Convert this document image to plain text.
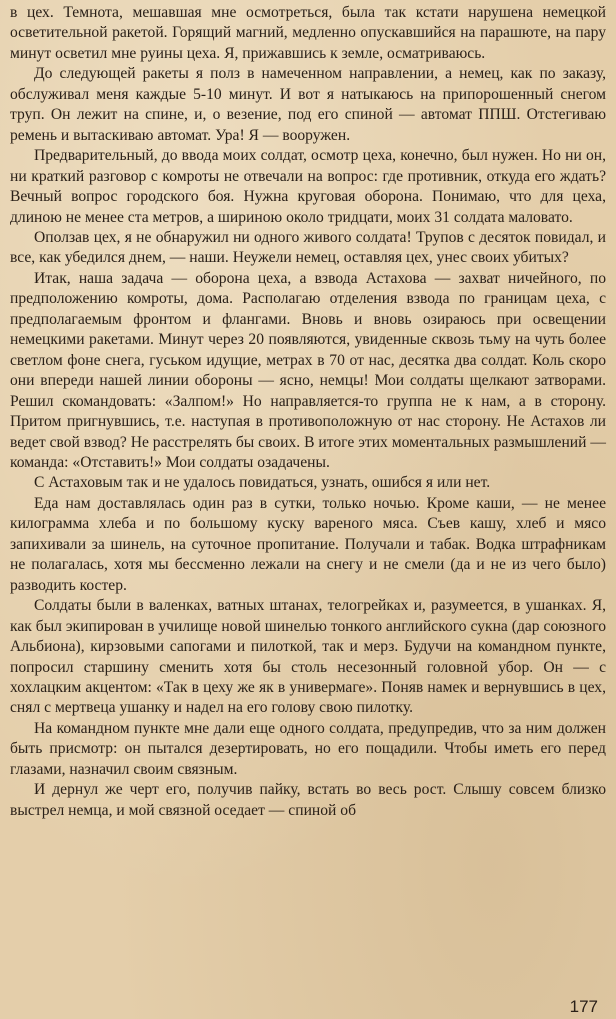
в цех. Темнота, мешавшая мне осмотреться, была так кстати нарушена немецкой осветительной ракетой. Горящий магний, медленно опускавшийся на парашюте, на пару минут осветил мне руины цеха. Я, прижавшись к земле, осматриваюсь.

До следующей ракеты я полз в намеченном направлении, а немец, как по заказу, обслуживал меня каждые 5-10 минут. И вот я натыкаюсь на припорошенный снегом труп. Он лежит на спине, и, о везение, под его спиной — автомат ППШ. Отстегиваю ремень и вытаскиваю автомат. Ура! Я — вооружен.

Предварительный, до ввода моих солдат, осмотр цеха, конечно, был нужен. Но ни он, ни краткий разговор с комроты не отвечали на вопрос: где противник, откуда его ждать? Вечный вопрос городского боя. Нужна круговая оборона. Понимаю, что для цеха, длиною не менее ста метров, а шириною около тридцати, моих 31 солдата маловато.

Оползав цех, я не обнаружил ни одного живого солдата! Трупов с десяток повидал, и все, как убедился днем, — наши. Неужели немец, оставляя цех, унес своих убитых?

Итак, наша задача — оборона цеха, а взвода Астахова — захват ничейного, по предположению комроты, дома. Располагаю отделения взвода по границам цеха, с предполагаемым фронтом и флангами. Вновь и вновь озираюсь при освещении немецкими ракетами. Минут через 20 появляются, увиденные сквозь тьму на чуть более светлом фоне снега, гуськом идущие, метрах в 70 от нас, десятка два солдат. Коль скоро они впереди нашей линии обороны — ясно, немцы! Мои солдаты щелкают затворами. Решил скомандовать: «Залпом!» Но направляется-то группа не к нам, а в сторону. Притом пригнувшись, т.е. наступая в противоположную от нас сторону. Не Астахов ли ведет свой взвод? Не расстрелять бы своих. В итоге этих моментальных размышлений — команда: «Отставить!» Мои солдаты озадачены.

С Астаховым так и не удалось повидаться, узнать, ошибся я или нет.

Еда нам доставлялась один раз в сутки, только ночью. Кроме каши, — не менее килограмма хлеба и по большому куску вареного мяса. Съев кашу, хлеб и мясо запихивали за шинель, на суточное пропитание. Получали и табак. Водка штрафникам не полагалась, хотя мы бессменно лежали на снегу и не смели (да и не из чего было) разводить костер.

Солдаты были в валенках, ватных штанах, телогрейках и, разумеется, в ушанках. Я, как был экипирован в училище новой шинелью тонкого английского сукна (дар союзного Альбиона), кирзовыми сапогами и пилоткой, так и мерз. Будучи на командном пункте, попросил старшину сменить хотя бы столь несезонный головной убор. Он — с хохлацким акцентом: «Так в цеху же як в универмаге». Поняв намек и вернувшись в цех, снял с мертвеца ушанку и надел на его голову свою пилотку.

На командном пункте мне дали еще одного солдата, предупредив, что за ним должен быть присмотр: он пытался дезертировать, но его пощадили. Чтобы иметь его перед глазами, назначил своим связным.

И дернул же черт его, получив пайку, встать во весь рост. Слышу совсем близко выстрел немца, и мой связной оседает — спиной об

177
